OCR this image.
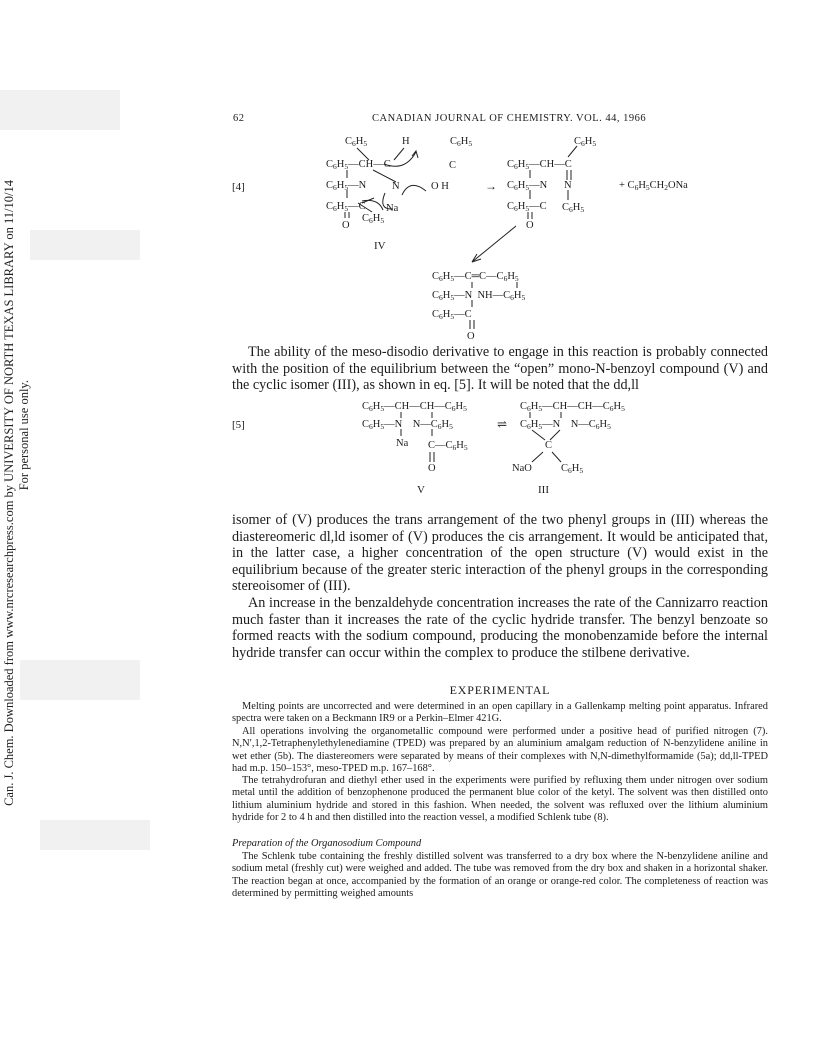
Can. J. Chem. Downloaded from www.nrcresearchpress.com by UNIVERSITY OF NORTH TEXAS LIBRARY on 11/10/14 For personal use only.
62	CANADIAN JOURNAL OF CHEMISTRY. VOL. 44, 1966
[4]
$C_6H_5$	H	$C_6H_5$
$C_6H_5—CH—C$	C
$C_6H_5—N$ N	O H
$C_6H_5—C$ Na
$C_6H_5$
O
IV
→
$C_6H_5$
$C_6H_5—CH—C$
$C_6H_5—N$ N
$C_6H_5—C$ $C_6H_5$
O
+ $C_6H_5CH_2ONa$
$C_6H_5—C═C—C_6H_5$
$C_6H_5—N$  $NH—C_6H_5$
$C_6H_5—C$
O

The ability of the meso-disodio derivative to engage in this reaction is probably connected with the position of the equilibrium between the “open” mono-N-benzoyl compound (V) and the cyclic isomer (III), as shown in eq. [5]. It will be noted that the dd,ll

[5]
$C_6H_5—CH—CH—C_6H_5$
$C_6H_5—N$    $N—C_6H_5$
Na $C—C_6H_5$
O
V
⇌
$C_6H_5—CH—CH—C_6H_5$
$C_6H_5—N$    $N—C_6H_5$
C
NaO	$C_6H_5$
III

isomer of (V) produces the trans arrangement of the two phenyl groups in (III) whereas the diastereomeric dl,ld isomer of (V) produces the cis arrangement. It would be anticipated that, in the latter case, a higher concentration of the open structure (V) would exist in the equilibrium because of the greater steric interaction of the phenyl groups in the corresponding stereoisomer of (III).

An increase in the benzaldehyde concentration increases the rate of the Cannizarro reaction much faster than it increases the rate of the cyclic hydride transfer. The benzyl benzoate so formed reacts with the sodium compound, producing the monobenzamide before the internal hydride transfer can occur within the complex to produce the stilbene derivative.

EXPERIMENTAL

Melting points are uncorrected and were determined in an open capillary in a Gallenkamp melting point apparatus. Infrared spectra were taken on a Beckmann IR9 or a Perkin–Elmer 421G.

All operations involving the organometallic compound were performed under a positive head of purified nitrogen (7). N,N′,1,2-Tetraphenylethylenediamine (TPED) was prepared by an aluminium amalgam reduction of N-benzylidene aniline in wet ether (5b). The diastereomers were separated by means of their complexes with N,N-dimethylformamide (5a); dd,ll-TPED had m.p. 150–153°, meso-TPED m.p. 167–168°.

The tetrahydrofuran and diethyl ether used in the experiments were purified by refluxing them under nitrogen over sodium metal until the addition of benzophenone produced the permanent blue color of the ketyl. The solvent was then distilled onto lithium aluminium hydride and stored in this fashion. When needed, the solvent was refluxed over the lithium aluminium hydride for 2 to 4 h and then distilled into the reaction vessel, a modified Schlenk tube (8).

Preparation of the Organosodium Compound

The Schlenk tube containing the freshly distilled solvent was transferred to a dry box where the N-benzylidene aniline and sodium metal (freshly cut) were weighed and added. The tube was removed from the dry box and shaken in a horizontal shaker. The reaction began at once, accompanied by the formation of an orange or orange-red color. The completeness of reaction was determined by permitting weighed amounts
